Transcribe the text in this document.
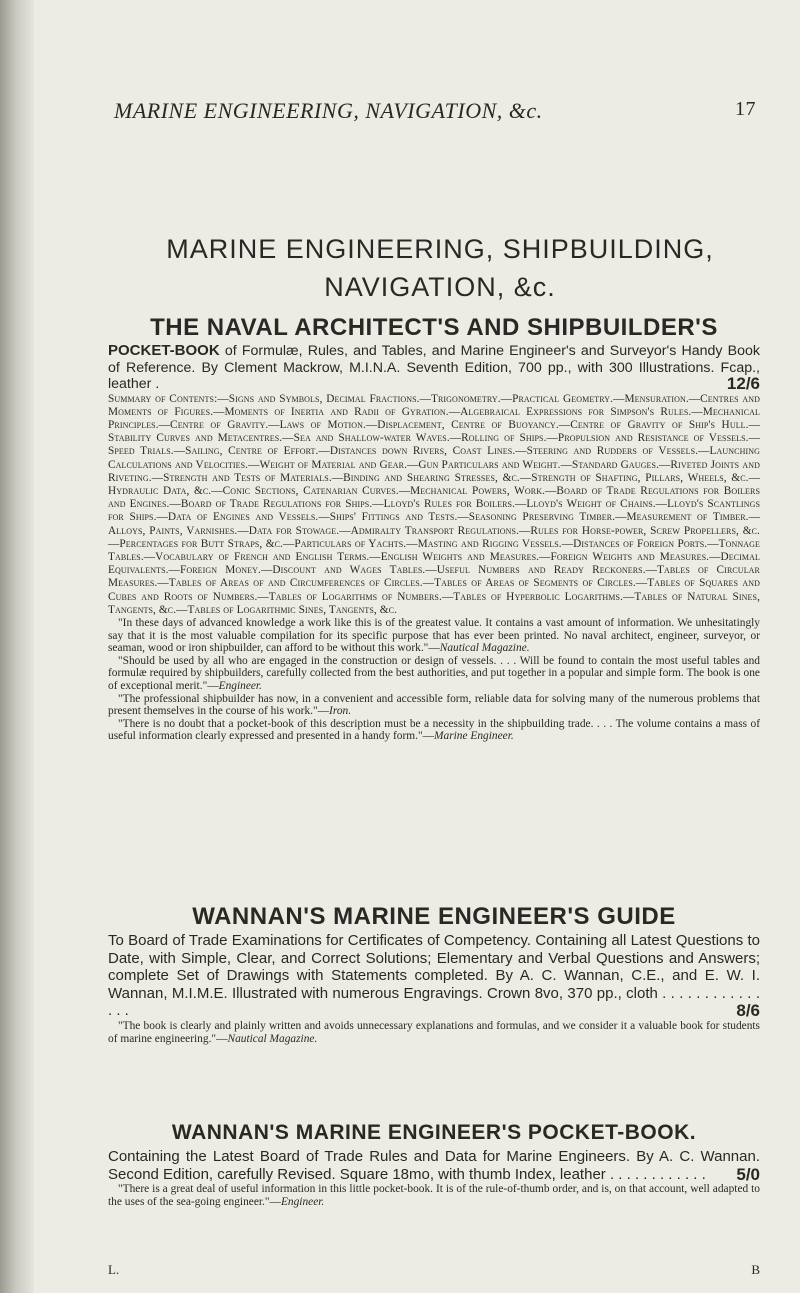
MARINE ENGINEERING, NAVIGATION, &c.	17
MARINE ENGINEERING, SHIPBUILDING,
NAVIGATION, &c.

THE NAVAL ARCHITECT'S AND SHIPBUILDER'S

POCKET-BOOK of Formulæ, Rules, and Tables, and Marine Engineer's and Surveyor's Handy Book of Reference. By Clement Mackrow, M.I.N.A. Seventh Edition, 700 pp., with 300 Illustrations. Fcap., leather .	12/6

Summary of Contents:—Signs and Symbols, Decimal Fractions.—Trigonometry.—Practical Geometry.—Mensuration.—Centres and Moments of Figures.—Moments of Inertia and Radii of Gyration.—Algebraical Expressions for Simpson's Rules.—Mechanical Principles.—Centre of Gravity.—Laws of Motion.—Displacement, Centre of Buoyancy.—Centre of Gravity of Ship's Hull.—Stability Curves and Metacentres.—Sea and Shallow-water Waves.—Rolling of Ships.—Propulsion and Resistance of Vessels.—Speed Trials.—Sailing, Centre of Effort.—Distances down Rivers, Coast Lines.—Steering and Rudders of Vessels.—Launching Calculations and Velocities.—Weight of Material and Gear.—Gun Particulars and Weight.—Standard Gauges.—Riveted Joints and Riveting.—Strength and Tests of Materials.—Binding and Shearing Stresses, &c.—Strength of Shafting, Pillars, Wheels, &c.—Hydraulic Data, &c.—Conic Sections, Catenarian Curves.—Mechanical Powers, Work.—Board of Trade Regulations for Boilers and Engines.—Board of Trade Regulations for Ships.—Lloyd's Rules for Boilers.—Lloyd's Weight of Chains.—Lloyd's Scantlings for Ships.—Data of Engines and Vessels.—Ships' Fittings and Tests.—Seasoning Preserving Timber.—Measurement of Timber.—Alloys, Paints, Varnishes.—Data for Stowage.—Admiralty Transport Regulations.—Rules for Horse-power, Screw Propellers, &c.—Percentages for Butt Straps, &c.—Particulars of Yachts.—Masting and Rigging Vessels.—Distances of Foreign Ports.—Tonnage Tables.—Vocabulary of French and English Terms.—English Weights and Measures.—Foreign Weights and Measures.—Decimal Equivalents.—Foreign Money.—Discount and Wages Tables.—Useful Numbers and Ready Reckoners.—Tables of Circular Measures.—Tables of Areas of and Circumferences of Circles.—Tables of Areas of Segments of Circles.—Tables of Squares and Cubes and Roots of Numbers.—Tables of Logarithms of Numbers.—Tables of Hyperbolic Logarithms.—Tables of Natural Sines, Tangents, &c.—Tables of Logarithmic Sines, Tangents, &c.

"In these days of advanced knowledge a work like this is of the greatest value. It contains a vast amount of information. We unhesitatingly say that it is the most valuable compilation for its specific purpose that has ever been printed. No naval architect, engineer, surveyor, or seaman, wood or iron shipbuilder, can afford to be without this work."—Nautical Magazine.

"Should be used by all who are engaged in the construction or design of vessels. . . . Will be found to contain the most useful tables and formulæ required by shipbuilders, carefully collected from the best authorities, and put together in a popular and simple form. The book is one of exceptional merit."—Engineer.

"The professional shipbuilder has now, in a convenient and accessible form, reliable data for solving many of the numerous problems that present themselves in the course of his work."—Iron.

"There is no doubt that a pocket-book of this description must be a necessity in the shipbuilding trade. . . . The volume contains a mass of useful information clearly expressed and presented in a handy form."—Marine Engineer.

WANNAN'S MARINE ENGINEER'S GUIDE

To Board of Trade Examinations for Certificates of Competency. Containing all Latest Questions to Date, with Simple, Clear, and Correct Solutions; Elementary and Verbal Questions and Answers; complete Set of Drawings with Statements completed. By A. C. Wannan, C.E., and E. W. I. Wannan, M.I.M.E. Illustrated with numerous Engravings. Crown 8vo, 370 pp., cloth . . . . . . . . . . . . . . .	8/6

"The book is clearly and plainly written and avoids unnecessary explanations and formulas, and we consider it a valuable book for students of marine engineering."—Nautical Magazine.

WANNAN'S MARINE ENGINEER'S POCKET-BOOK.

Containing the Latest Board of Trade Rules and Data for Marine Engineers. By A. C. Wannan. Second Edition, carefully Revised. Square 18mo, with thumb Index, leather . . . . . . . . . . . . 5/0

"There is a great deal of useful information in this little pocket-book. It is of the rule-of-thumb order, and is, on that account, well adapted to the uses of the sea-going engineer."—Engineer.

L.	B
